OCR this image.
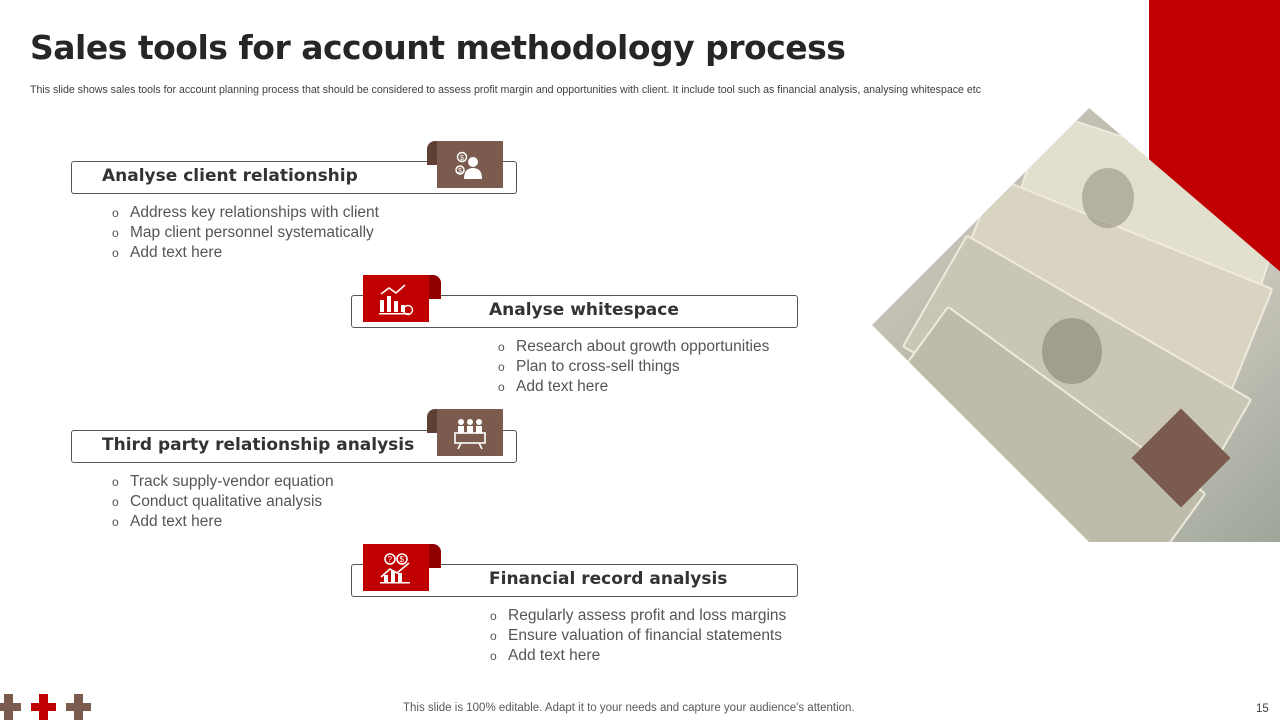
Sales tools for account methodology process
This slide shows sales tools for account planning process that should be considered to assess profit margin and opportunities with client. It include tool such as financial analysis, analysing whitespace etc
$
$
Analyse client relationship
o Address key relationships with client
o Map client personnel systematically
o Add text here
Analyse whitespace
o Research about growth opportunities
o Plan to cross-sell things
o Add text here
Third party relationship analysis
o Track supply-vendor equation
o Conduct qualitative analysis
o Add text here
? $
Financial record analysis
o Regularly assess profit and loss margins
o Ensure valuation of financial statements
o Add text here
This slide is 100% editable. Adapt it to your needs and capture your audience's attention.	15
